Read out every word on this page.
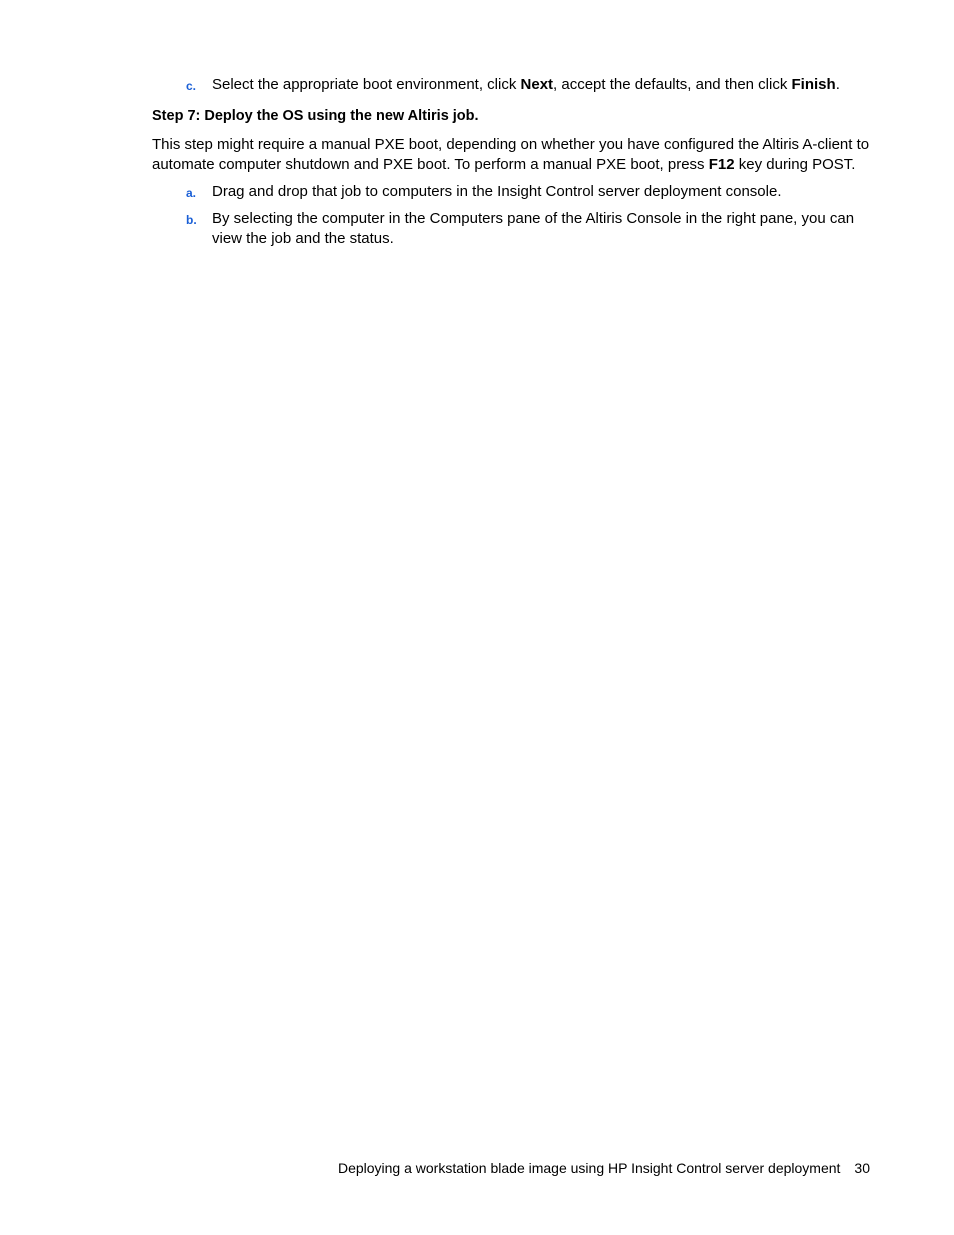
c. Select the appropriate boot environment, click Next, accept the defaults, and then click Finish.
Step 7: Deploy the OS using the new Altiris job.
This step might require a manual PXE boot, depending on whether you have configured the Altiris A-client to automate computer shutdown and PXE boot. To perform a manual PXE boot, press F12 key during POST.
a. Drag and drop that job to computers in the Insight Control server deployment console.
b. By selecting the computer in the Computers pane of the Altiris Console in the right pane, you can view the job and the status.
Deploying a workstation blade image using HP Insight Control server deployment 30
